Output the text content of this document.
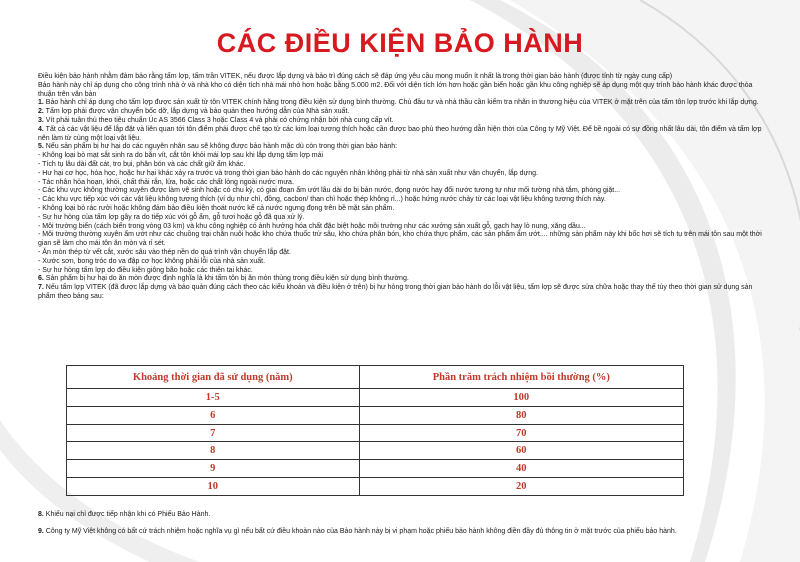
CÁC ĐIỀU KIỆN BẢO HÀNH

Điều kiện bảo hành nhằm đảm bảo rằng tấm lợp, tấm trần VITEK, nếu được lắp dựng và bảo trì đúng cách sẽ đáp ứng yêu cầu mong muốn ít nhất là trong thời gian bảo hành (được tính từ ngày cung cấp)

Bảo hành này chỉ áp dụng cho công trình nhà ở và nhà kho có diện tích nhà mái nhỏ hơn hoặc bằng 5.000 m2. Đối với diện tích lớn hơn hoặc gần biển hoặc gần khu công nghiệp sẽ áp dụng một quy trình bảo hành khác được thỏa thuận trên văn bản

1. Bảo hành chỉ áp dụng cho tấm lợp được sản xuất từ tôn VITEK chính hãng trong điều kiện sử dụng bình thường. Chủ đầu tư và nhà thầu cần kiểm tra nhãn in thương hiệu của VITEK ở mặt trên của tấm tôn lợp trước khi lắp dựng.

2. Tấm lợp phải được vận chuyển bốc dỡ, lắp dựng và bảo quản theo hướng dẫn của Nhà sản xuất.

3. Vít phải tuân thủ theo tiêu chuẩn Úc AS 3566 Class 3 hoặc Class 4 và phải có chứng nhận bởi nhà cung cấp vít.

4. Tất cả các vật liệu để lắp đặt và liên quan tới tôn điểm phải được chế tạo từ các kim loại tương thích hoặc cần được bao phủ theo hướng dẫn hiện thời của Công ty Mỹ Việt. Để bề ngoài có sự đồng nhất lâu dài, tôn điểm và tấm lợp nên làm từ cùng một loại vật liệu.

5. Nếu sản phẩm bị hư hại do các nguyên nhân sau sẽ không được bảo hành mặc dù còn trong thời gian bảo hành:

- Không loại bỏ mạt sắt sinh ra do bắn vít, cắt tôn khỏi mái lợp sau khi lắp dựng tấm lợp mái

- Tích tụ lâu dài đất cát, tro bụi, phân bón và các chất giữ ẩm khác.

- Hư hại cơ học, hóa học, hoặc hư hại khác xảy ra trước và trong thời gian bảo hành do các nguyên nhân không phải từ nhà sản xuất như vận chuyển, lắp dựng.

- Tác nhân hỏa hoạn, khói, chất thải rắn, lửa, hoặc các chất lỏng ngoài nước mưa.

- Các khu vực không thường xuyên được làm vệ sinh hoặc có chu kỳ, có giai đoạn ẩm ướt lâu dài do bị bản nước, đọng nước hay đổi nước tương tự như mối tường nhà tắm, phòng giặt...

- Các khu vực tiếp xúc với các vật liệu không tương thích (ví dụ như chì, đồng, cacbon/ than chì hoặc thép không rỉ...) hoặc hứng nước chảy từ các loại vật liệu không tương thích này.

- Không loại bỏ rác rưởi hoặc không đảm bảo điều kiện thoát nước kể cả nước ngưng đọng trên bề mặt sản phẩm.

- Sự hư hỏng của tấm lợp gây ra do tiếp xúc với gỗ ẩm, gỗ tươi hoặc gỗ đã qua xử lý.

- Môi trường biển (cách biển trong vòng 03 km) và khu công nghiệp có ảnh hưởng hóa chất đặc biệt hoặc môi trường như các xưởng sản xuất gỗ, gạch hay lò nung, xăng dầu...

- Môi trường thường xuyên ẩm ướt như các chuồng trại chăn nuôi hoặc kho chứa thuốc trừ sâu, kho chứa phân bón, kho chứa thực phẩm, các sản phẩm ẩm ướt.... những sản phẩm này khi bốc hơi sẽ tích tụ trên mái tôn sau một thời gian sẽ làm cho mái tôn ăn mòn và rỉ sét.

- Ăn mòn thép từ vết cắt, xước sâu vào thép nền do quá trình vận chuyển lắp đặt.

- Xước sơn, bong tróc do va đập cơ học không phải lỗi của nhà sản xuất.

- Sự hư hỏng tấm lợp do điều kiện giông bão hoặc các thiên tai khác.

6. Sản phẩm bị hư hại do ăn mòn được định nghĩa là khi tấm tôn bị ăn mòn thủng trong điều kiện sử dụng bình thường.

7. Nếu tấm lợp VITEK (đã được lắp dựng và bảo quản đúng cách theo các kiểu khoản và điều kiện ở trên) bị hư hỏng trong thời gian bảo hành do lỗi vật liệu, tấm lợp sẽ được sửa chữa hoặc thay thế tùy theo thời gian sử dụng sản phẩm theo bảng sau:

Khoảng thời gian đã sử dụng (năm)	Phần trăm trách nhiệm bồi thường (%)
1-5	100
6	80
7	70
8	60
9	40
10	20

8. Khiếu nại chỉ được tiếp nhận khi có Phiếu Bảo Hành.

9. Công ty Mỹ Việt không có bất cứ trách nhiệm hoặc nghĩa vụ gì nếu bất cứ điều khoản nào của Bảo hành này bị vi phạm hoặc phiếu bảo hành không điền đầy đủ thông tin ở mặt trước của phiếu bảo hành.
